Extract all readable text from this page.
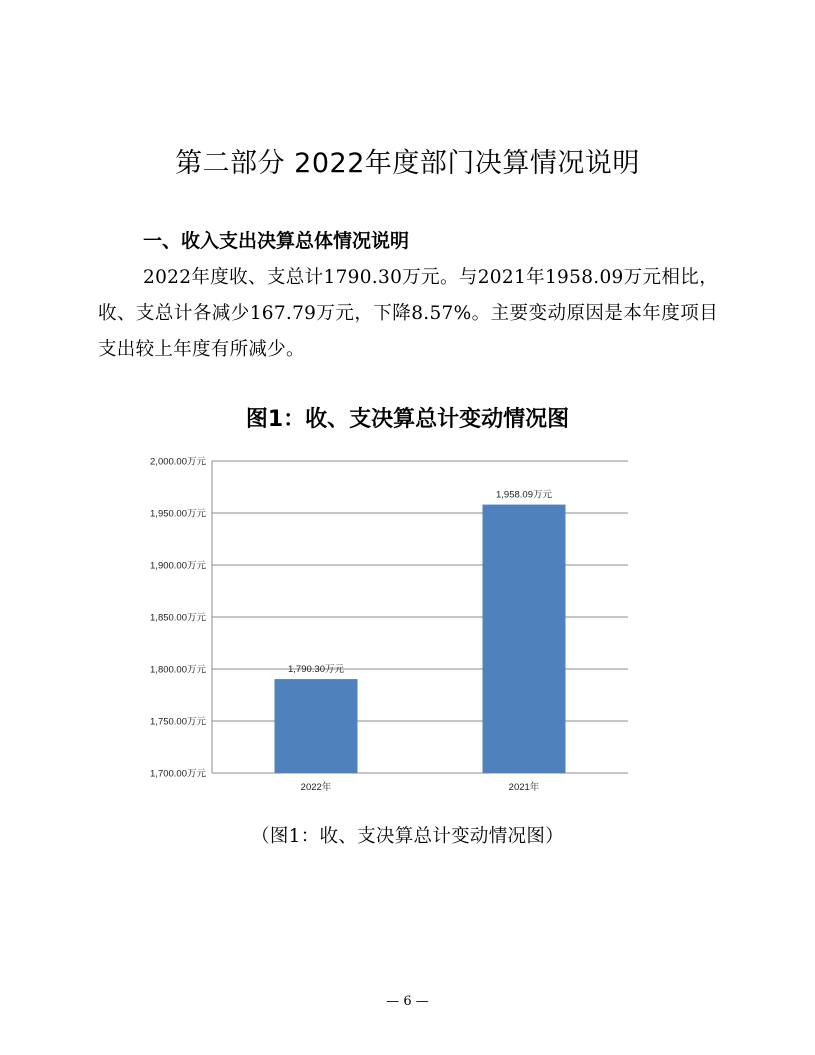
第二部分 2022年度部门决算情况说明
一、收入支出决算总体情况说明
2022年度收、支总计1790.30万元。与2021年1958.09万元相比，收、支总计各减少167.79万元，下降8.57%。主要变动原因是本年度项目支出较上年度有所减少。
图1：收、支决算总计变动情况图
1,700.00万元
1,750.00万元
1,800.00万元
1,850.00万元
1,900.00万元
1,950.00万元
2,000.00万元
1,790.30万元
2022年
1,958.09万元
2021年
（图1：收、支决算总计变动情况图）
— 6 —
